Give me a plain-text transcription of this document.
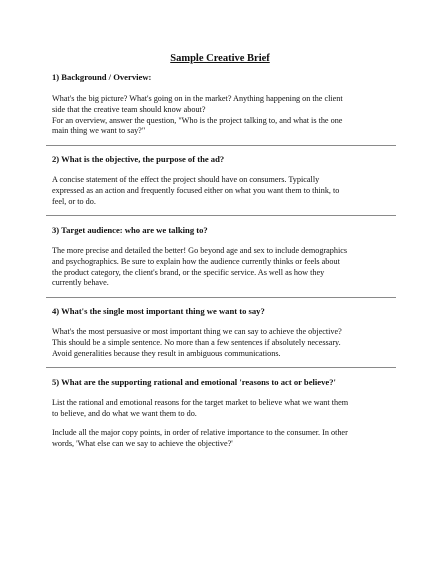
Sample Creative Brief
1) Background / Overview:
What's the big picture? What's going on in the market? Anything happening on the client
side that the creative team should know about?
For an overview, answer the question, "Who is the project talking to, and what is the one
main thing we want to say?"
2) What is the objective, the purpose of the ad?
A concise statement of the effect the project should have on consumers. Typically
expressed as an action and frequently focused either on what you want them to think, to
feel, or to do.
3) Target audience: who are we talking to?
The more precise and detailed the better! Go beyond age and sex to include demographics
and psychographics. Be sure to explain how the audience currently thinks or feels about
the product category, the client's brand, or the specific service. As well as how they
currently behave.
4) What's the single most important thing we want to say?
What's the most persuasive or most important thing we can say to achieve the objective?
This should be a simple sentence. No more than a few sentences if absolutely necessary.
Avoid generalities because they result in ambiguous communications.
5) What are the supporting rational and emotional 'reasons to act or believe?'
List the rational and emotional reasons for the target market to believe what we want them
to believe, and do what we want them to do.
Include all the major copy points, in order of relative importance to the consumer. In other
words, 'What else can we say to achieve the objective?'
